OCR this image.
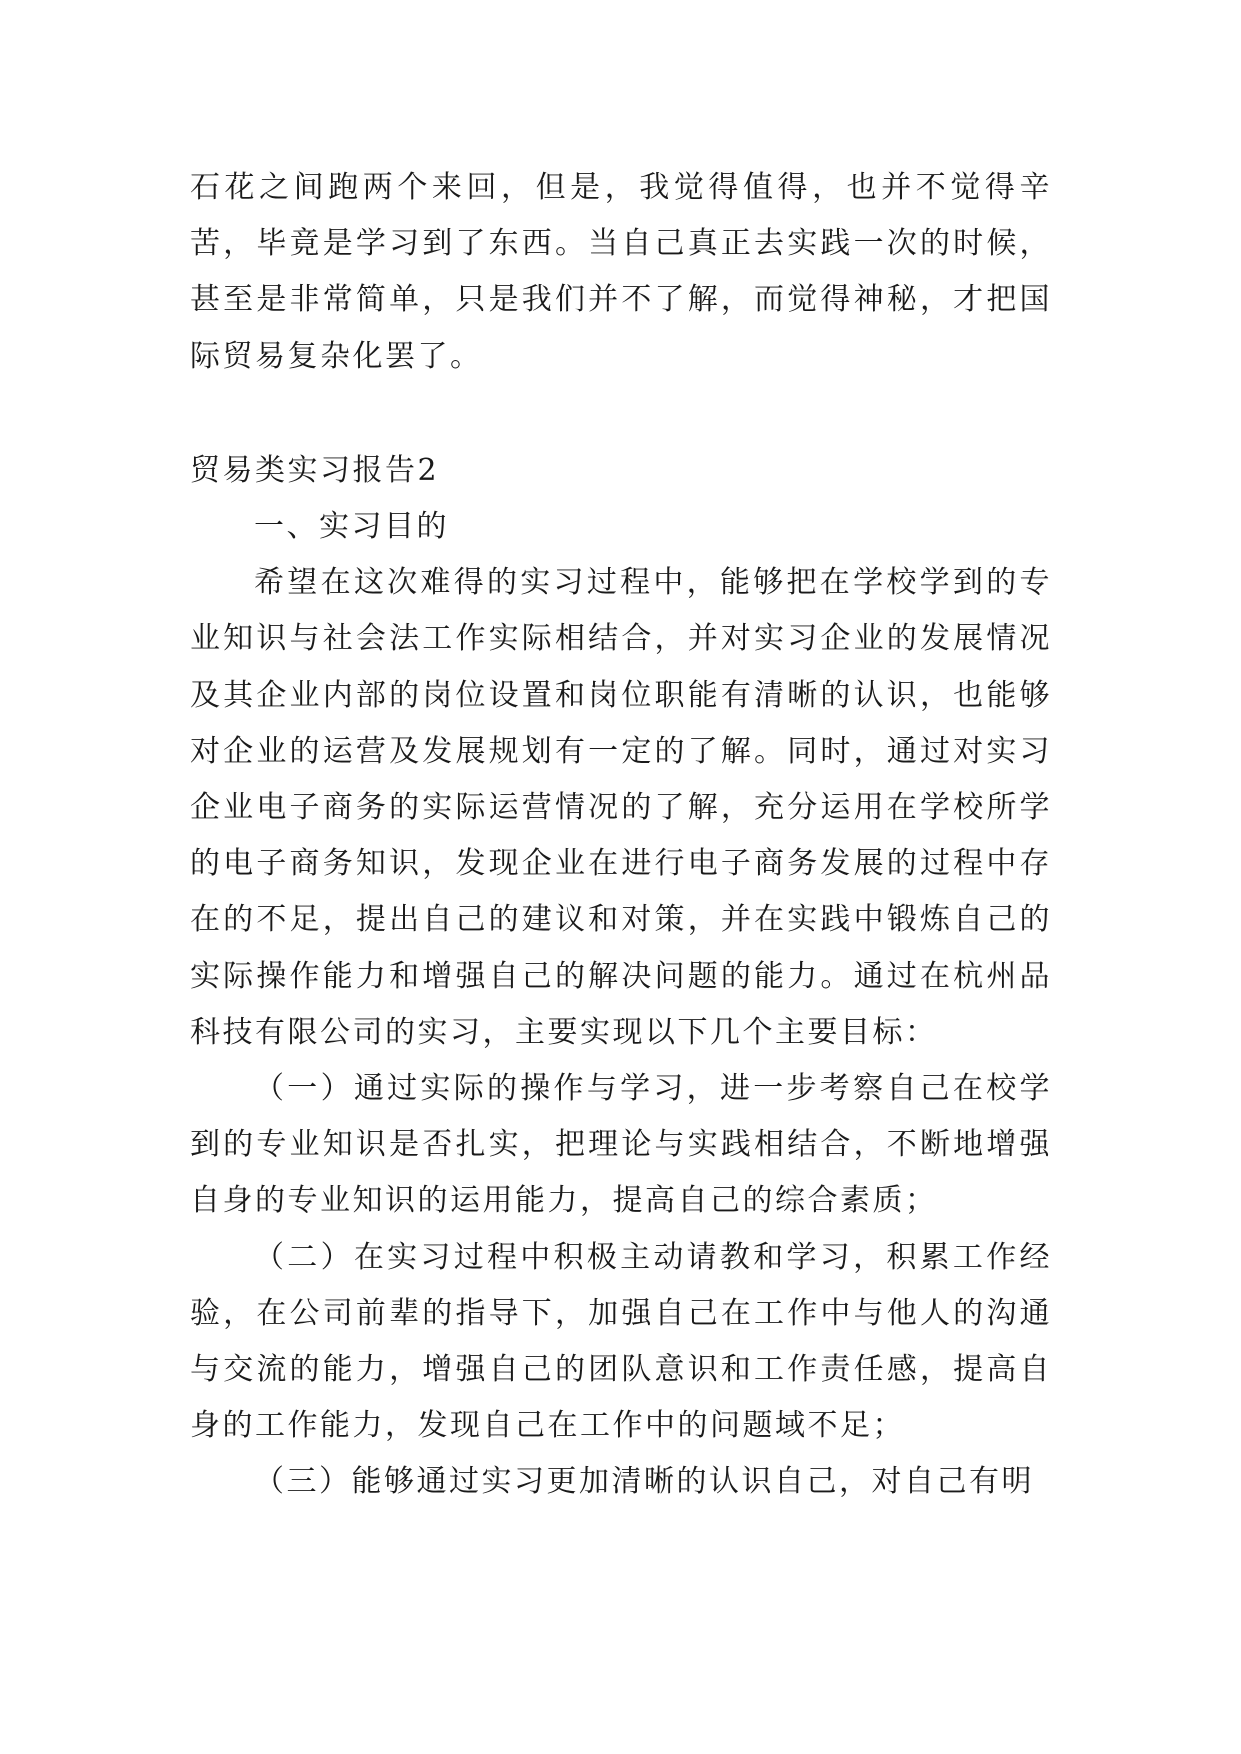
石花之间跑两个来回，但是，我觉得值得，也并不觉得辛苦，毕竟是学习到了东西。当自己真正去实践一次的时候，甚至是非常简单，只是我们并不了解，而觉得神秘，才把国际贸易复杂化罢了。

贸易类实习报告2

一、实习目的

希望在这次难得的实习过程中，能够把在学校学到的专业知识与社会法工作实际相结合，并对实习企业的发展情况及其企业内部的岗位设置和岗位职能有清晰的认识，也能够对企业的运营及发展规划有一定的了解。同时，通过对实习企业电子商务的实际运营情况的了解，充分运用在学校所学的电子商务知识，发现企业在进行电子商务发展的过程中存在的不足，提出自己的建议和对策，并在实践中锻炼自己的实际操作能力和增强自己的解决问题的能力。通过在杭州品科技有限公司的实习，主要实现以下几个主要目标：

（一）通过实际的操作与学习，进一步考察自己在校学到的专业知识是否扎实，把理论与实践相结合，不断地增强自身的专业知识的运用能力，提高自己的综合素质；

（二）在实习过程中积极主动请教和学习，积累工作经验，在公司前辈的指导下，加强自己在工作中与他人的沟通与交流的能力，增强自己的团队意识和工作责任感，提高自身的工作能力，发现自己在工作中的问题域不足；

（三）能够通过实习更加清晰的认识自己，对自己有明
